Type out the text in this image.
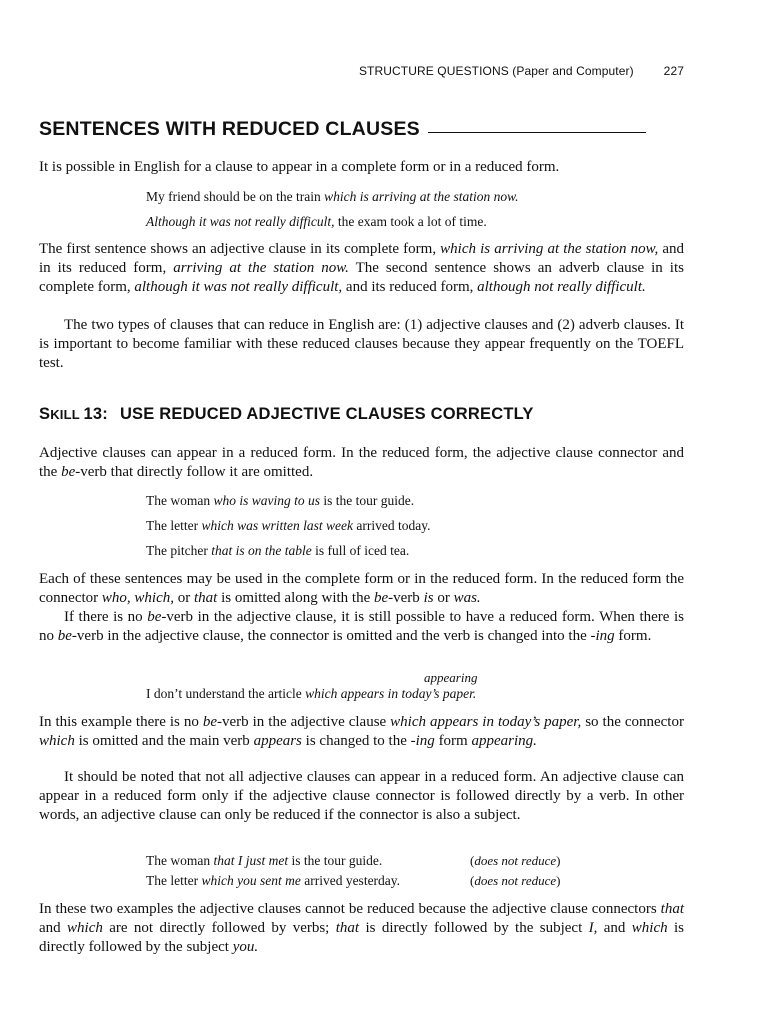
STRUCTURE QUESTIONS (Paper and Computer)	227
SENTENCES WITH REDUCED CLAUSES
It is possible in English for a clause to appear in a complete form or in a reduced form.
My friend should be on the train which is arriving at the station now.
Although it was not really difficult, the exam took a lot of time.
The first sentence shows an adjective clause in its complete form, which is arriving at the station now, and in its reduced form, arriving at the station now. The second sentence shows an adverb clause in its complete form, although it was not really difficult, and its reduced form, although not really difficult.
The two types of clauses that can reduce in English are: (1) adjective clauses and (2) adverb clauses. It is important to become familiar with these reduced clauses because they appear frequently on the TOEFL test.
SKILL 13: USE REDUCED ADJECTIVE CLAUSES CORRECTLY
Adjective clauses can appear in a reduced form. In the reduced form, the adjective clause connector and the be-verb that directly follow it are omitted.
The woman who is waving to us is the tour guide.
The letter which was written last week arrived today.
The pitcher that is on the table is full of iced tea.
Each of these sentences may be used in the complete form or in the reduced form. In the reduced form the connector who, which, or that is omitted along with the be-verb is or was.
If there is no be-verb in the adjective clause, it is still possible to have a reduced form. When there is no be-verb in the adjective clause, the connector is omitted and the verb is changed into the -ing form.
appearing
I don’t understand the article which appears in today’s paper.
In this example there is no be-verb in the adjective clause which appears in today’s paper, so the connector which is omitted and the main verb appears is changed to the -ing form appearing.
It should be noted that not all adjective clauses can appear in a reduced form. An adjective clause can appear in a reduced form only if the adjective clause connector is followed directly by a verb. In other words, an adjective clause can only be reduced if the connector is also a subject.
The woman that I just met is the tour guide.	(does not reduce)
The letter which you sent me arrived yesterday.	(does not reduce)
In these two examples the adjective clauses cannot be reduced because the adjective clause connectors that and which are not directly followed by verbs; that is directly followed by the subject I, and which is directly followed by the subject you.
